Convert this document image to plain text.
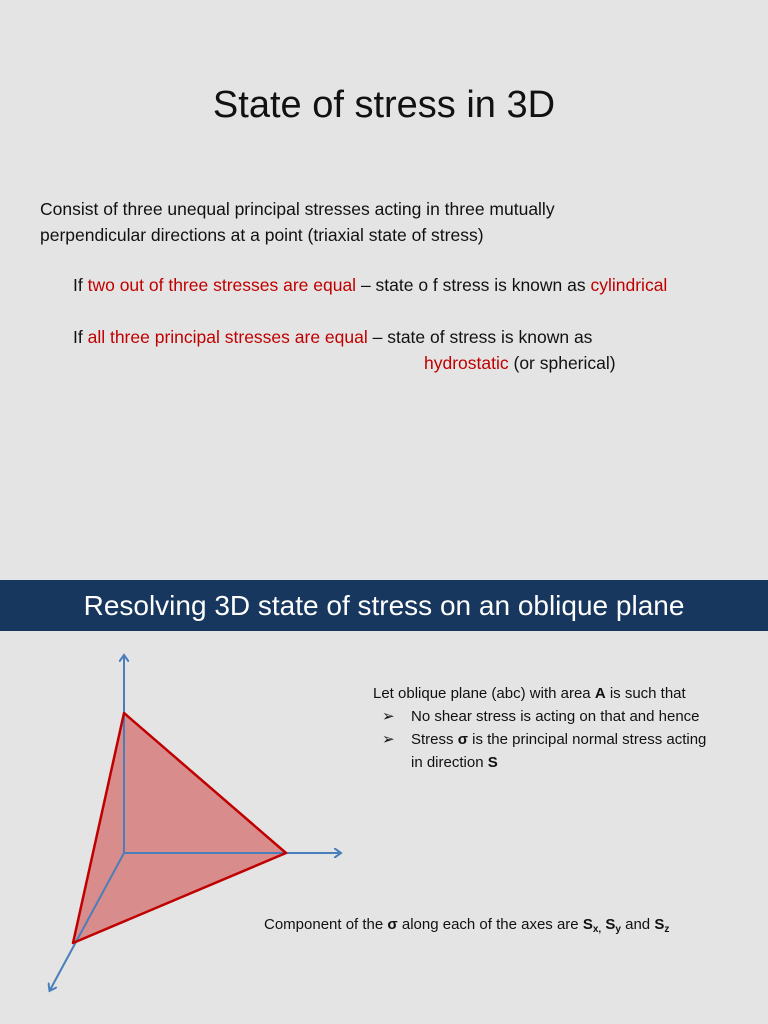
State of stress in 3D
Consist of three unequal principal stresses acting in three mutually
perpendicular directions at a point (triaxial state of stress)
If two out of three stresses are equal – state o f stress is known as cylindrical
If all three principal stresses are equal – state of stress is known as
hydrostatic (or spherical)
Resolving 3D state of stress on an oblique plane
Let oblique plane (abc) with area A is such that
➢ No shear stress is acting on that and hence
➢ Stress σ is the principal normal stress acting
in direction S
Component of the σ along each of the axes are $S_{x,}$ $S_y$ and $S_z$
